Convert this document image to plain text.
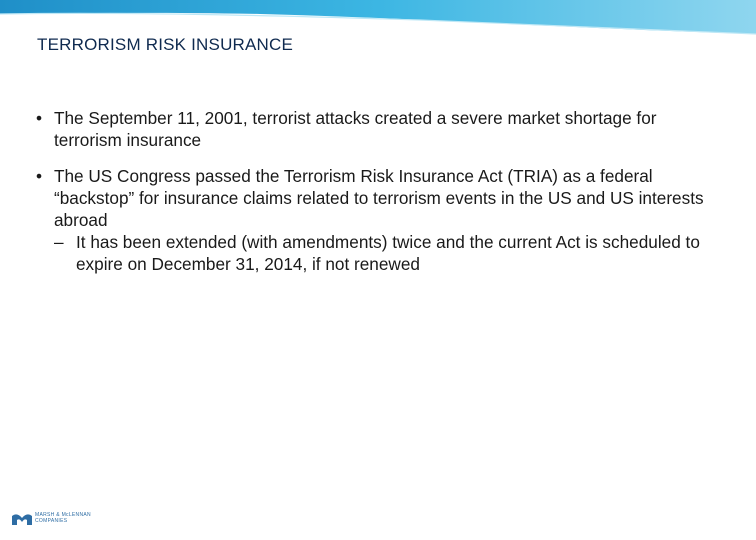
TERRORISM RISK INSURANCE
• The September 11, 2001, terrorist attacks created a severe market shortage for terrorism insurance
• The US Congress passed the Terrorism Risk Insurance Act (TRIA) as a federal “backstop” for insurance claims related to terrorism events in the US and US interests abroad
– It has been extended (with amendments) twice and the current Act is scheduled to expire on December 31, 2014, if not renewed
MARSH & McLENNAN
COMPANIES
